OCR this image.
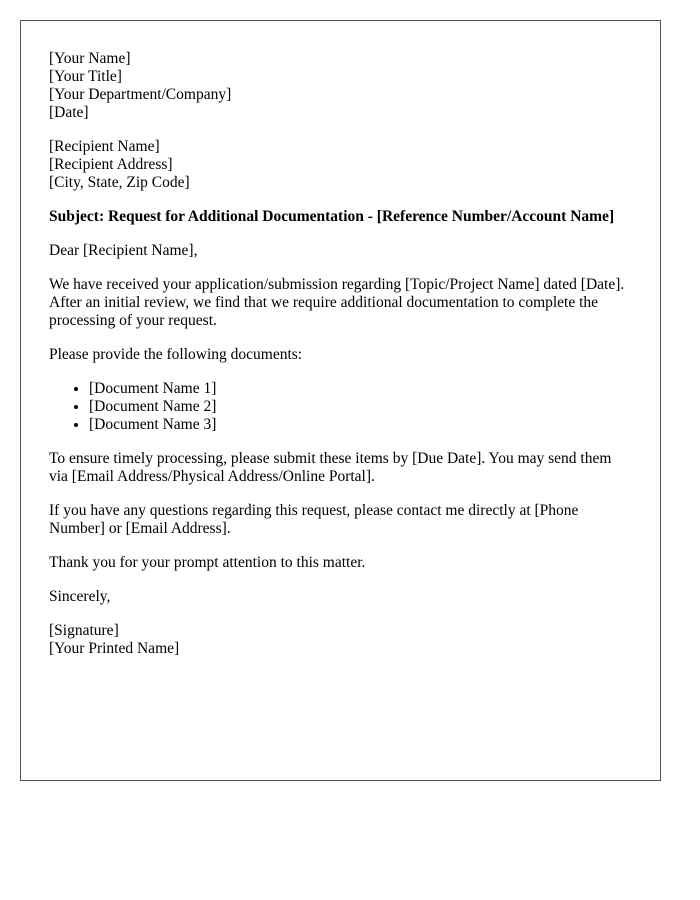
[Your Name]
[Your Title]
[Your Department/Company]
[Date]
[Recipient Name]
[Recipient Address]
[City, State, Zip Code]

Subject: Request for Additional Documentation - [Reference Number/Account Name]

Dear [Recipient Name],

We have received your application/submission regarding [Topic/Project Name] dated [Date]. After an initial review, we find that we require additional documentation to complete the processing of your request.

Please provide the following documents:

• [Document Name 1]
• [Document Name 2]
• [Document Name 3]

To ensure timely processing, please submit these items by [Due Date]. You may send them via [Email Address/Physical Address/Online Portal].

If you have any questions regarding this request, please contact me directly at [Phone Number] or [Email Address].

Thank you for your prompt attention to this matter.

Sincerely,

[Signature]
[Your Printed Name]
